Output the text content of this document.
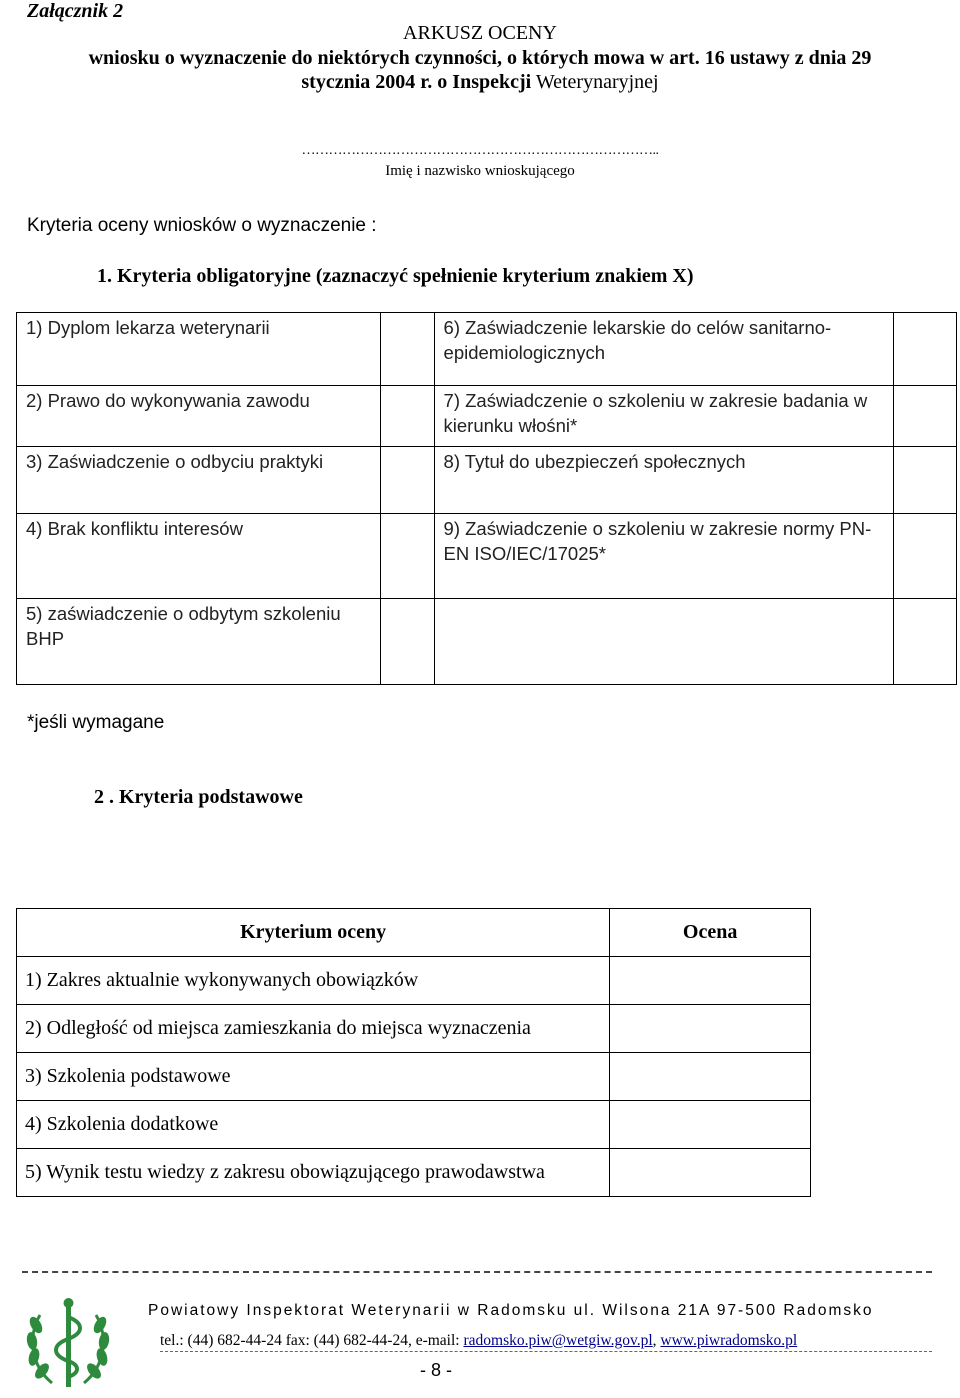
Załącznik 2
ARKUSZ OCENY
wniosku o wyznaczenie do niektórych czynności, o których mowa w art. 16 ustawy z dnia 29
stycznia 2004 r. o Inspekcji Weterynaryjnej
……………………………………………………………………..
Imię i nazwisko wnioskującego
Kryteria oceny wniosków o wyznaczenie :
1. Kryteria obligatoryjne (zaznaczyć spełnienie kryterium znakiem X)
1) Dyplom lekarza weterynarii		6) Zaświadczenie lekarskie do celów sanitarno-epidemiologicznych	
2) Prawo do wykonywania zawodu		7) Zaświadczenie o szkoleniu w zakresie badania w kierunku włośni*	
3) Zaświadczenie o odbyciu praktyki		8) Tytuł do ubezpieczeń społecznych	
4) Brak konfliktu interesów		9) Zaświadczenie o szkoleniu w zakresie normy PN-EN ISO/IEC/17025*	
5) zaświadczenie o odbytym szkoleniu BHP			
*jeśli wymagane
2 . Kryteria podstawowe
Kryterium oceny	Ocena
1) Zakres aktualnie wykonywanych obowiązków	
2) Odległość od miejsca zamieszkania do miejsca wyznaczenia	
3) Szkolenia podstawowe	
4) Szkolenia dodatkowe	
5) Wynik testu wiedzy z zakresu obowiązującego prawodawstwa	
Powiatowy Inspektorat Weterynarii w Radomsku ul. Wilsona 21A 97-500 Radomsko
tel.: (44) 682-44-24 fax: (44) 682-44-24, e-mail: radomsko.piw@wetgiw.gov.pl, www.piwradomsko.pl
- 8 -
